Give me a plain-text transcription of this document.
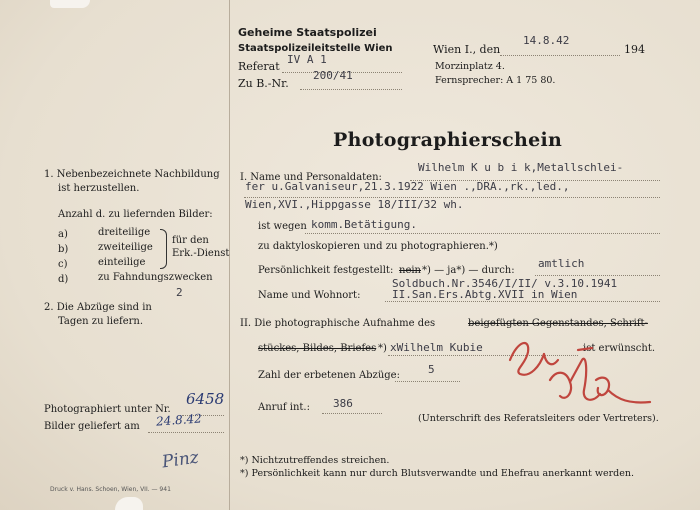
Geheime Staatspolizei
Staatspolizeileitstelle Wien
Referat
IV A 1
Zu B.-Nr.
200/41
Wien I., den
14.8.42
194
Morzinplatz 4.
Fernsprecher: A 1 75 80.
Photographierschein
1. Nebenbezeichnete Nachbildung
ist herzustellen.
Anzahl d. zu liefernden Bilder:
a)	dreiteilige
b)	zweiteilige
c)	einteilige
für den
Erk.-Dienst
d)	zu Fahndungszwecken
2
2. Die Abzüge sind in
Tagen zu liefern.
Photographiert unter Nr.
6458
Bilder geliefert am 24.8.42
Pinz
Druck v. Hans. Schoen, Wien, VII. — 941
I. Name und Personaldaten:
Wilhelm K u b i k,Metallschlei-
fer u.Galvaniseur,21.3.1922 Wien .,DRA.,rk.,led.,
Wien,XVI.,Hippgasse 18/III/32 wh.
ist wegen komm.Betätigung.
zu daktyloskopieren und zu photographieren.*)
Persönlichkeit festgestellt: nein *) — ja*) — durch:
amtlich
Soldbuch.Nr.3546/I/II/ v.3.10.1941
Name und Wohnort:	II.San.Ers.Abtg.XVII in Wien
II. Die photographische Aufnahme des	beigefügten Gegenstandes, Schrift-
stückes, Bildes, Briefes *) xWilhelm Kubie	ist erwünscht.
Zahl der erbetenen Abzüge:	5
Anruf int.: 386
(Unterschrift des Referatsleiters oder Vertreters).
*) Nichtzutreffendes streichen.
*) Persönlichkeit kann nur durch Blutsverwandte und Ehefrau anerkannt werden.
